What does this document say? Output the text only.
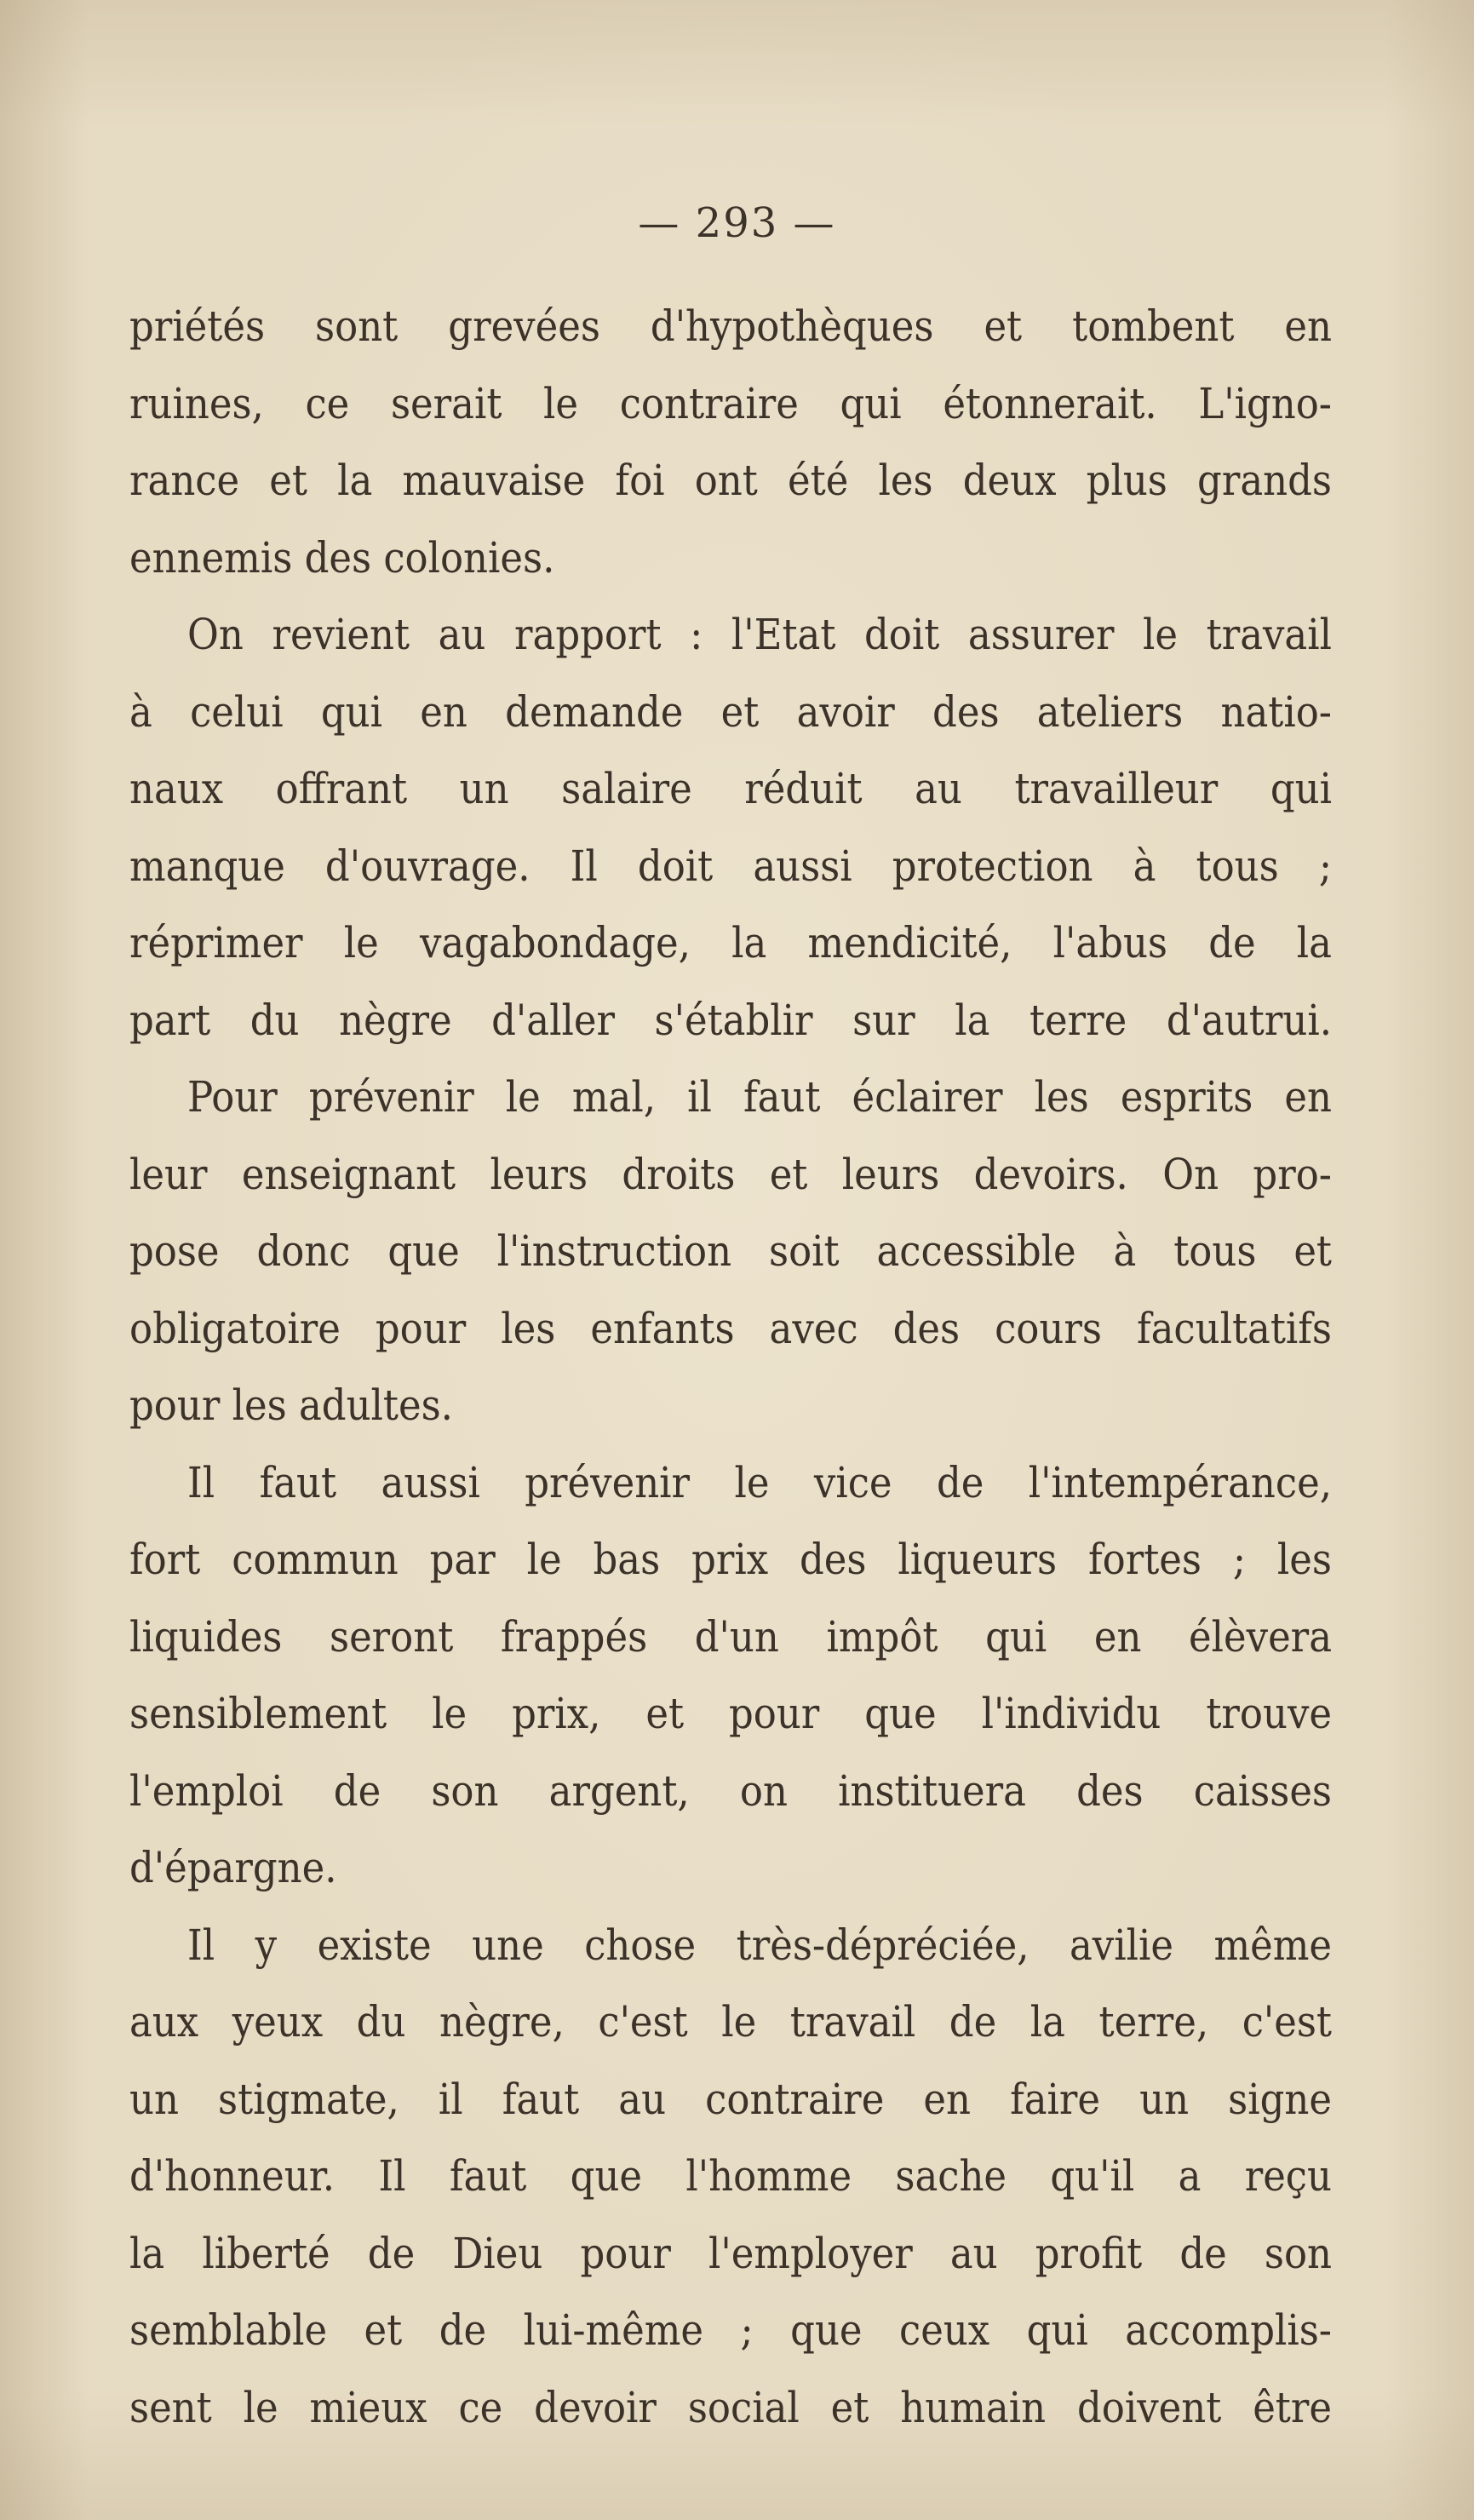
— 293 —
priétés sont grevées d'hypothèques et tombent en
ruines, ce serait le contraire qui étonnerait. L'igno-
rance et la mauvaise foi ont été les deux plus grands
ennemis des colonies.
On revient au rapport : l'Etat doit assurer le travail
à celui qui en demande et avoir des ateliers natio-
naux offrant un salaire réduit au travailleur qui
manque d'ouvrage. Il doit aussi protection à tous ;
réprimer le vagabondage, la mendicité, l'abus de la
part du nègre d'aller s'établir sur la terre d'autrui.
Pour prévenir le mal, il faut éclairer les esprits en
leur enseignant leurs droits et leurs devoirs. On pro-
pose donc que l'instruction soit accessible à tous et
obligatoire pour les enfants avec des cours facultatifs
pour les adultes.
Il faut aussi prévenir le vice de l'intempérance,
fort commun par le bas prix des liqueurs fortes ; les
liquides seront frappés d'un impôt qui en élèvera
sensiblement le prix, et pour que l'individu trouve
l'emploi de son argent, on instituera des caisses
d'épargne.
Il y existe une chose très-dépréciée, avilie même
aux yeux du nègre, c'est le travail de la terre, c'est
un stigmate, il faut au contraire en faire un signe
d'honneur. Il faut que l'homme sache qu'il a reçu
la liberté de Dieu pour l'employer au profit de son
semblable et de lui-même ; que ceux qui accomplis-
sent le mieux ce devoir social et humain doivent être
